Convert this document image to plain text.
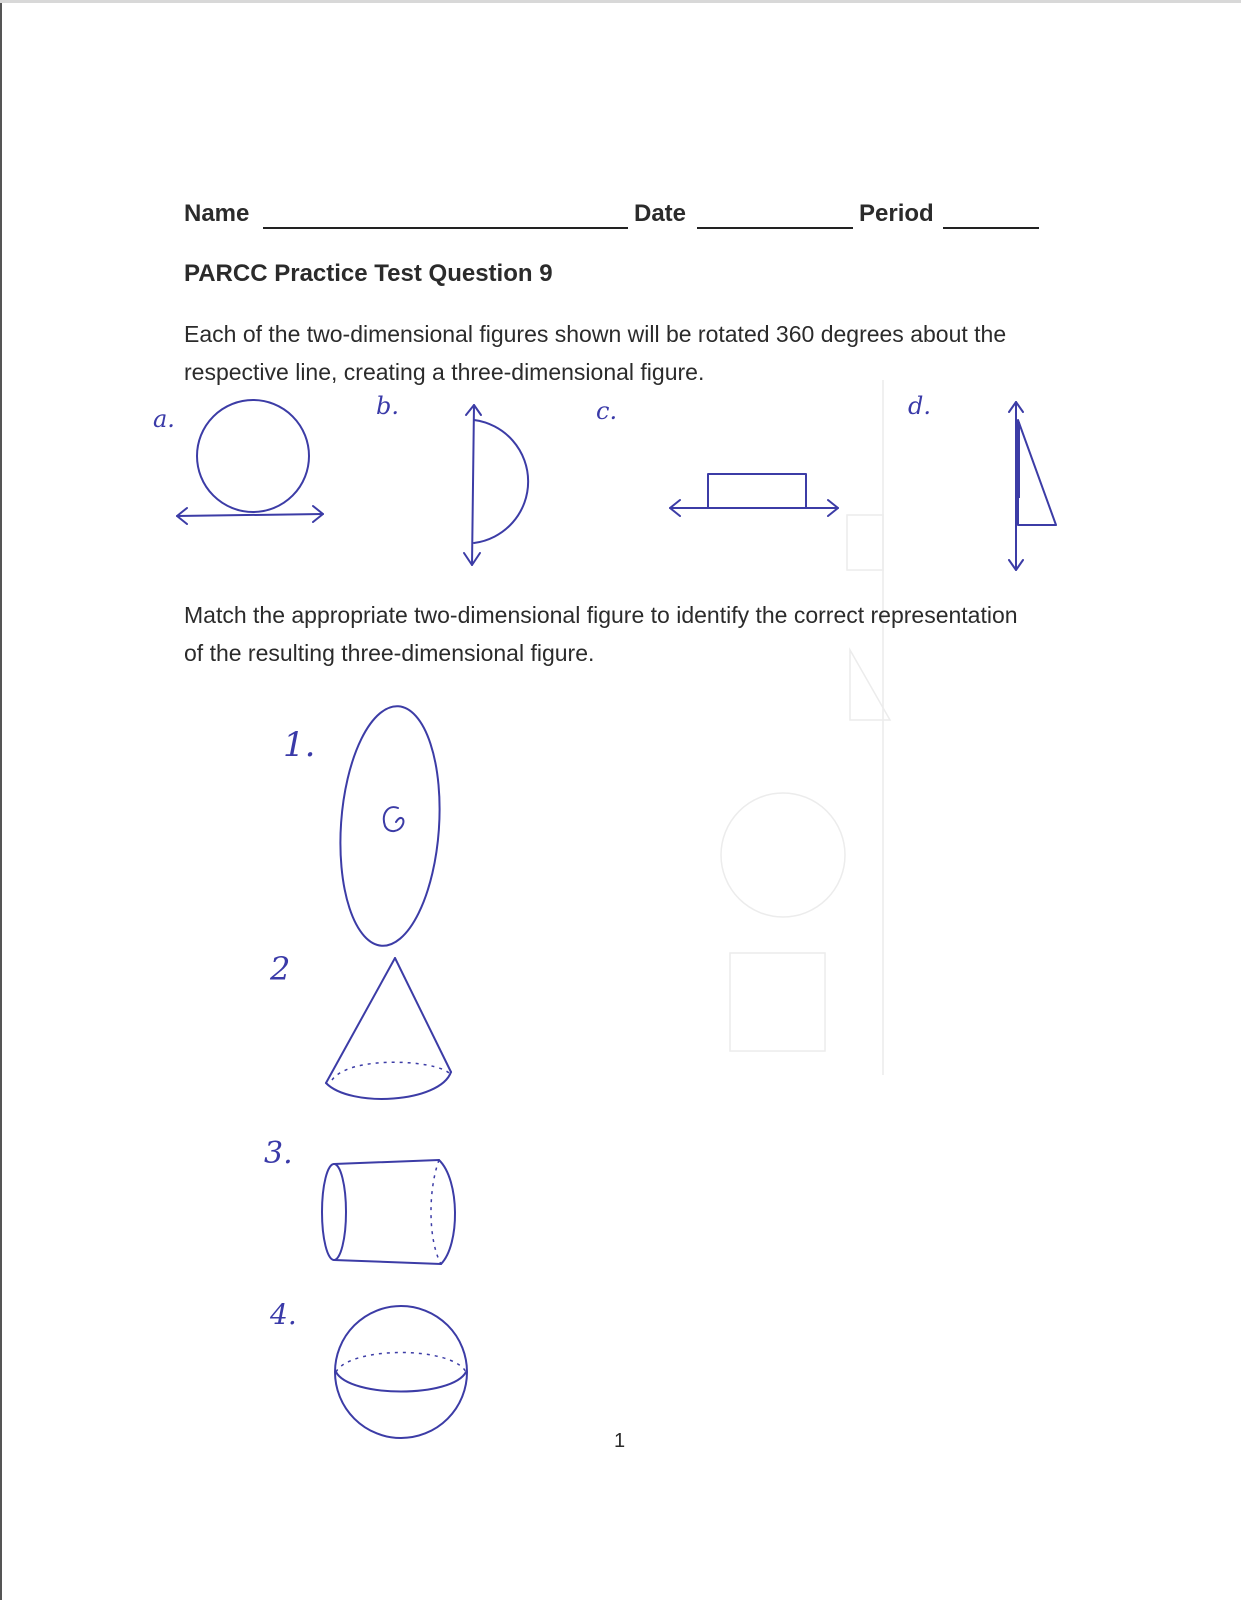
Name	Date	Period
PARCC Practice Test Question 9
Each of the two-dimensional figures shown will be rotated 360 degrees about the respective line, creating a three-dimensional figure.
a.	b.	c.	d.
Match the appropriate two-dimensional figure to identify the correct representation of the resulting three-dimensional figure.
1.
2
3.
4.
1
